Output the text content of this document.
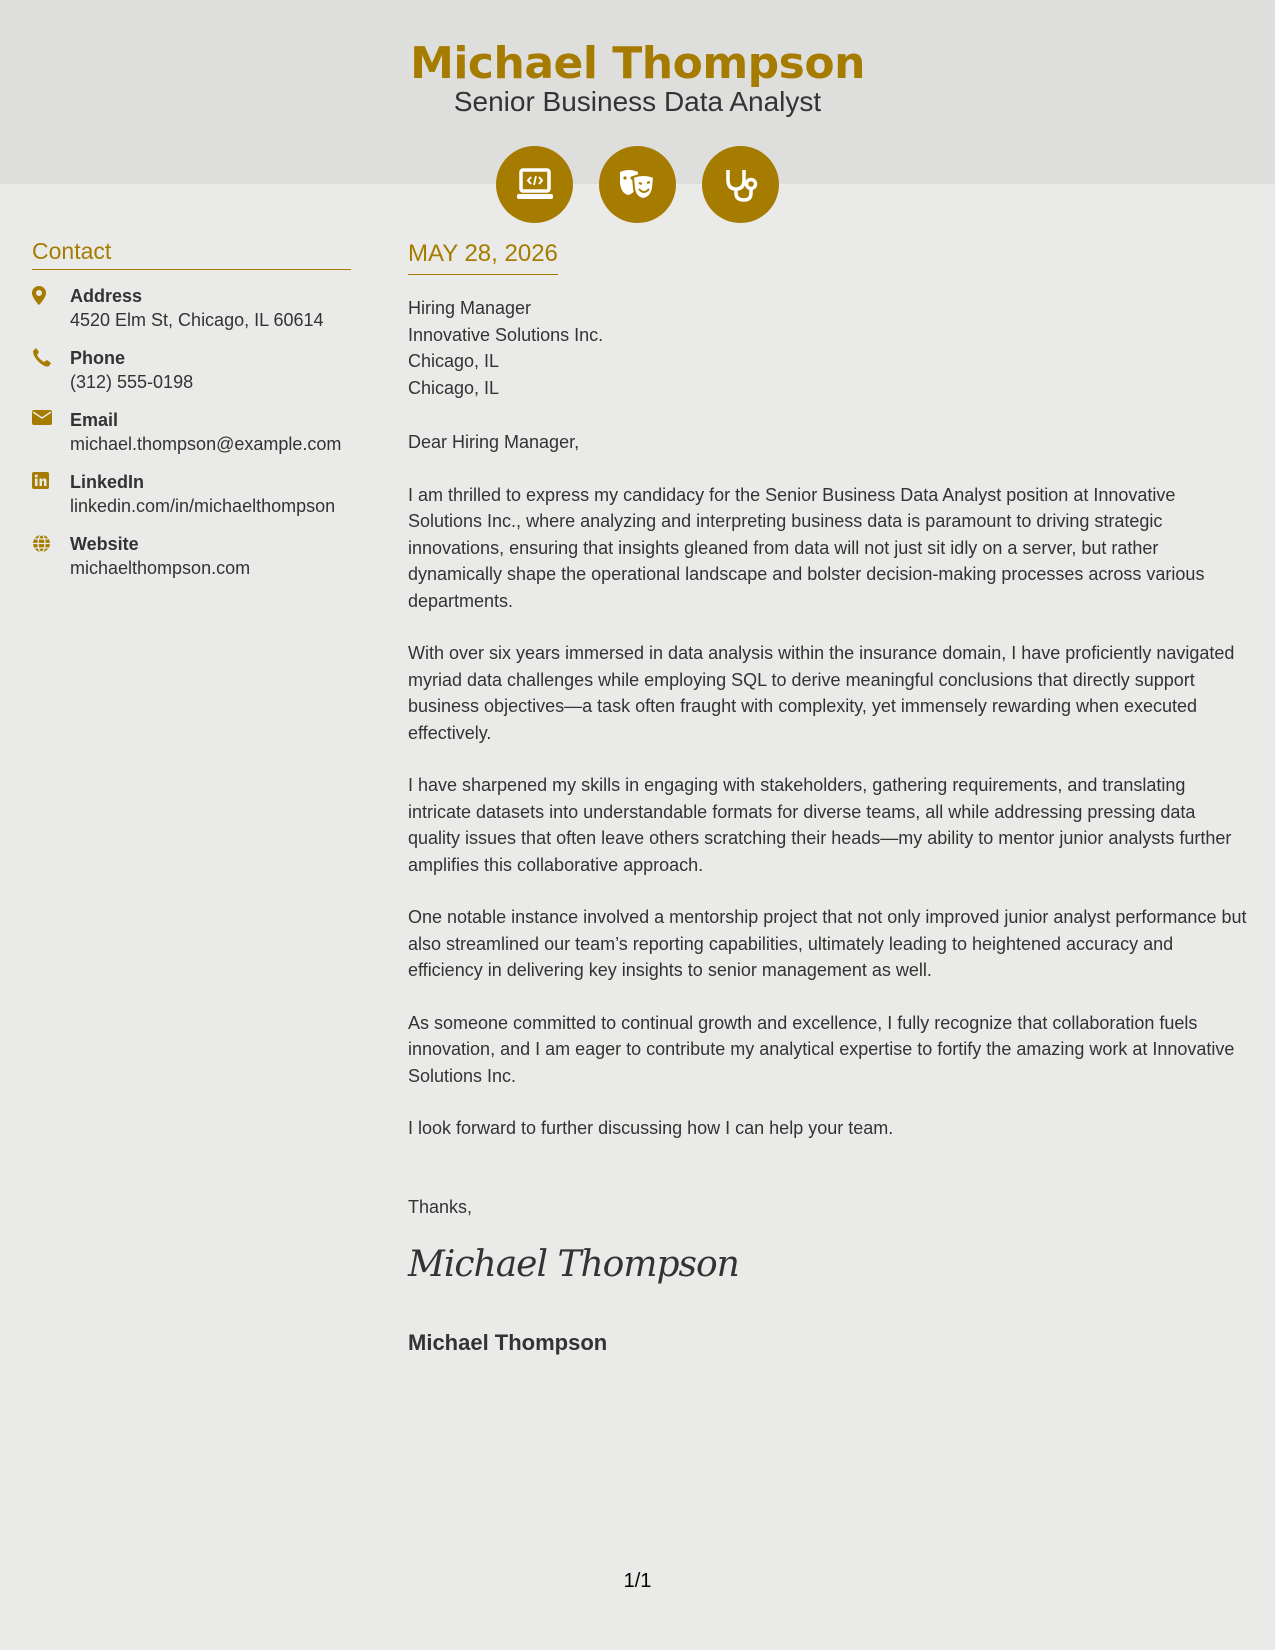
Michael Thompson
Senior Business Data Analyst
Contact
Address
4520 Elm St, Chicago, IL 60614
Phone
(312) 555-0198
Email
michael.thompson@example.com
LinkedIn
linkedin.com/in/michaelthompson
Website
michaelthompson.com
MAY 28, 2026
Hiring Manager
Innovative Solutions Inc.
Chicago, IL
Chicago, IL
Dear Hiring Manager,

I am thrilled to express my candidacy for the Senior Business Data Analyst position at Innovative Solutions Inc., where analyzing and interpreting business data is paramount to driving strategic innovations, ensuring that insights gleaned from data will not just sit idly on a server, but rather dynamically shape the operational landscape and bolster decision-making processes across various departments.

With over six years immersed in data analysis within the insurance domain, I have proficiently navigated myriad data challenges while employing SQL to derive meaningful conclusions that directly support business objectives—a task often fraught with complexity, yet immensely rewarding when executed effectively.

I have sharpened my skills in engaging with stakeholders, gathering requirements, and translating intricate datasets into understandable formats for diverse teams, all while addressing pressing data quality issues that often leave others scratching their heads—my ability to mentor junior analysts further amplifies this collaborative approach.

One notable instance involved a mentorship project that not only improved junior analyst performance but also streamlined our team’s reporting capabilities, ultimately leading to heightened accuracy and efficiency in delivering key insights to senior management as well.

As someone committed to continual growth and excellence, I fully recognize that collaboration fuels innovation, and I am eager to contribute my analytical expertise to fortify the amazing work at Innovative Solutions Inc.

I look forward to further discussing how I can help your team.

Thanks,
Michael Thompson
Michael Thompson
1/1
